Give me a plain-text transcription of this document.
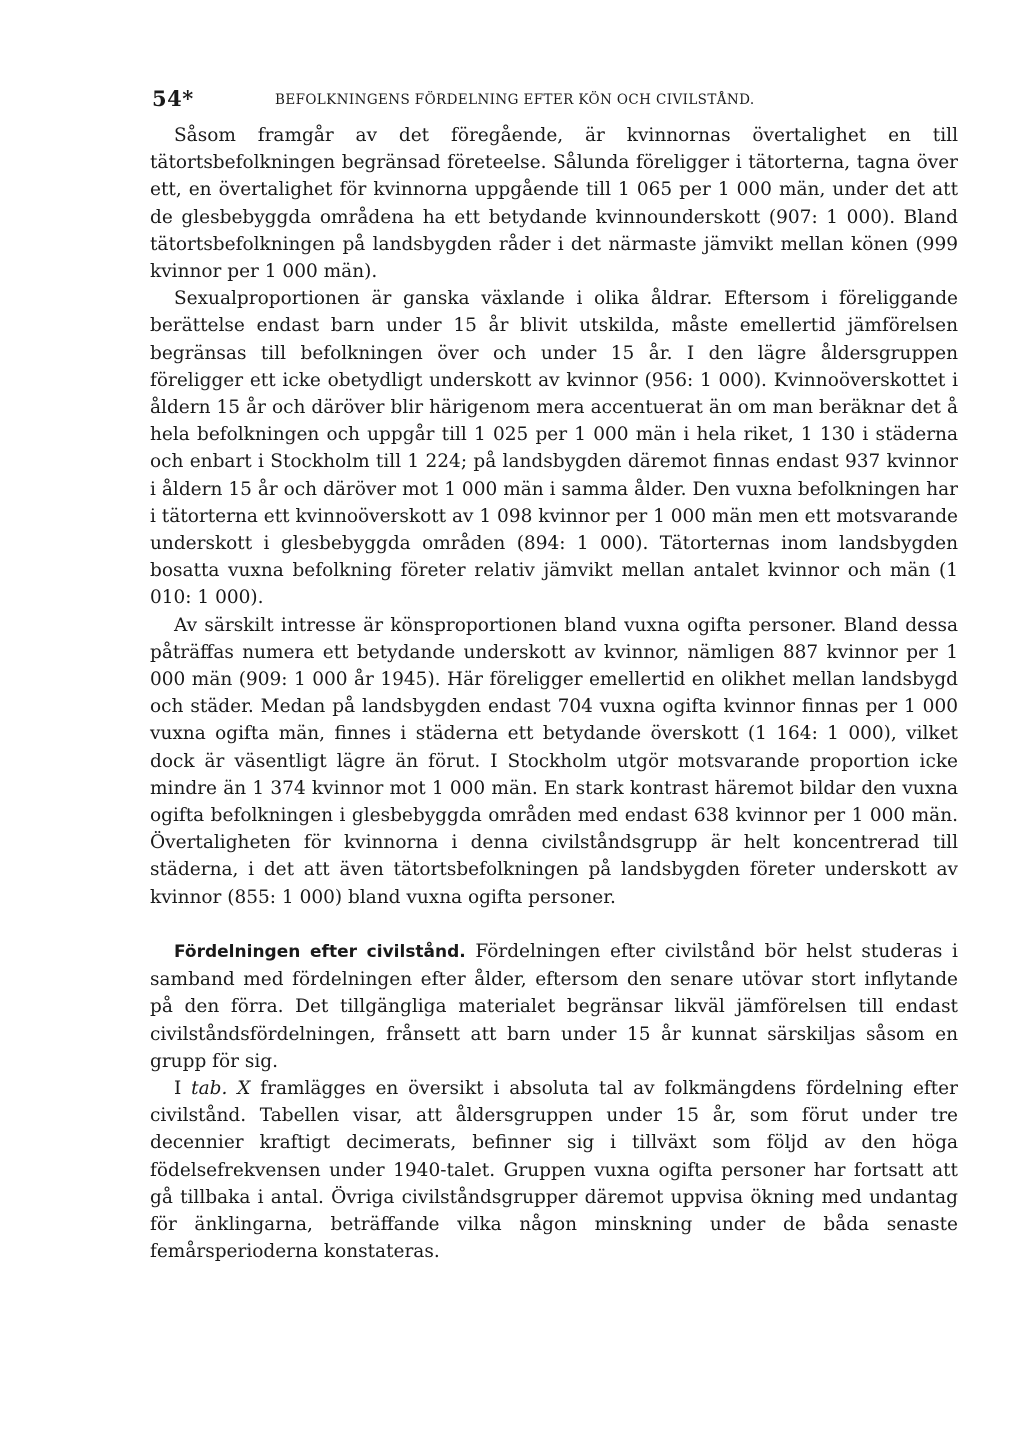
54*	BEFOLKNINGENS FÖRDELNING EFTER KÖN OCH CIVILSTÅND.

Såsom framgår av det föregående, är kvinnornas övertalighet en till tätortsbefolkningen begränsad företeelse. Sålunda föreligger i tätorterna, tagna över ett, en övertalighet för kvinnorna uppgående till 1 065 per 1 000 män, under det att de glesbebyggda områdena ha ett betydande kvinnounderskott (907: 1 000). Bland tätortsbefolkningen på landsbygden råder i det närmaste jämvikt mellan könen (999 kvinnor per 1 000 män).

Sexualproportionen är ganska växlande i olika åldrar. Eftersom i föreliggande berättelse endast barn under 15 år blivit utskilda, måste emellertid jämförelsen begränsas till befolkningen över och under 15 år. I den lägre åldersgruppen föreligger ett icke obetydligt underskott av kvinnor (956: 1 000). Kvinnoöverskottet i åldern 15 år och däröver blir härigenom mera accentuerat än om man beräknar det å hela befolkningen och uppgår till 1 025 per 1 000 män i hela riket, 1 130 i städerna och enbart i Stockholm till 1 224; på landsbygden däremot finnas endast 937 kvinnor i åldern 15 år och däröver mot 1 000 män i samma ålder. Den vuxna befolkningen har i tätorterna ett kvinnoöverskott av 1 098 kvinnor per 1 000 män men ett motsvarande underskott i glesbebyggda områden (894: 1 000). Tätorternas inom landsbygden bosatta vuxna befolkning företer relativ jämvikt mellan antalet kvinnor och män (1 010: 1 000).

Av särskilt intresse är könsproportionen bland vuxna ogifta personer. Bland dessa påträffas numera ett betydande underskott av kvinnor, nämligen 887 kvinnor per 1 000 män (909: 1 000 år 1945). Här föreligger emellertid en olikhet mellan landsbygd och städer. Medan på landsbygden endast 704 vuxna ogifta kvinnor finnas per 1 000 vuxna ogifta män, finnes i städerna ett betydande överskott (1 164: 1 000), vilket dock är väsentligt lägre än förut. I Stockholm utgör motsvarande proportion icke mindre än 1 374 kvinnor mot 1 000 män. En stark kontrast häremot bildar den vuxna ogifta befolkningen i glesbebyggda områden med endast 638 kvinnor per 1 000 män. Övertaligheten för kvinnorna i denna civilståndsgrupp är helt koncentrerad till städerna, i det att även tätortsbefolkningen på landsbygden företer underskott av kvinnor (855: 1 000) bland vuxna ogifta personer.

Fördelningen efter civilstånd. Fördelningen efter civilstånd bör helst studeras i samband med fördelningen efter ålder, eftersom den senare utövar stort inflytande på den förra. Det tillgängliga materialet begränsar likväl jämförelsen till endast civilståndsfördelningen, frånsett att barn under 15 år kunnat särskiljas såsom en grupp för sig.

I tab. X framlägges en översikt i absoluta tal av folkmängdens fördelning efter civilstånd. Tabellen visar, att åldersgruppen under 15 år, som förut under tre decennier kraftigt decimerats, befinner sig i tillväxt som följd av den höga födelsefrekvensen under 1940-talet. Gruppen vuxna ogifta personer har fortsatt att gå tillbaka i antal. Övriga civilståndsgrupper däremot uppvisa ökning med undantag för änklingarna, beträffande vilka någon minskning under de båda senaste femårsperioderna konstateras.
